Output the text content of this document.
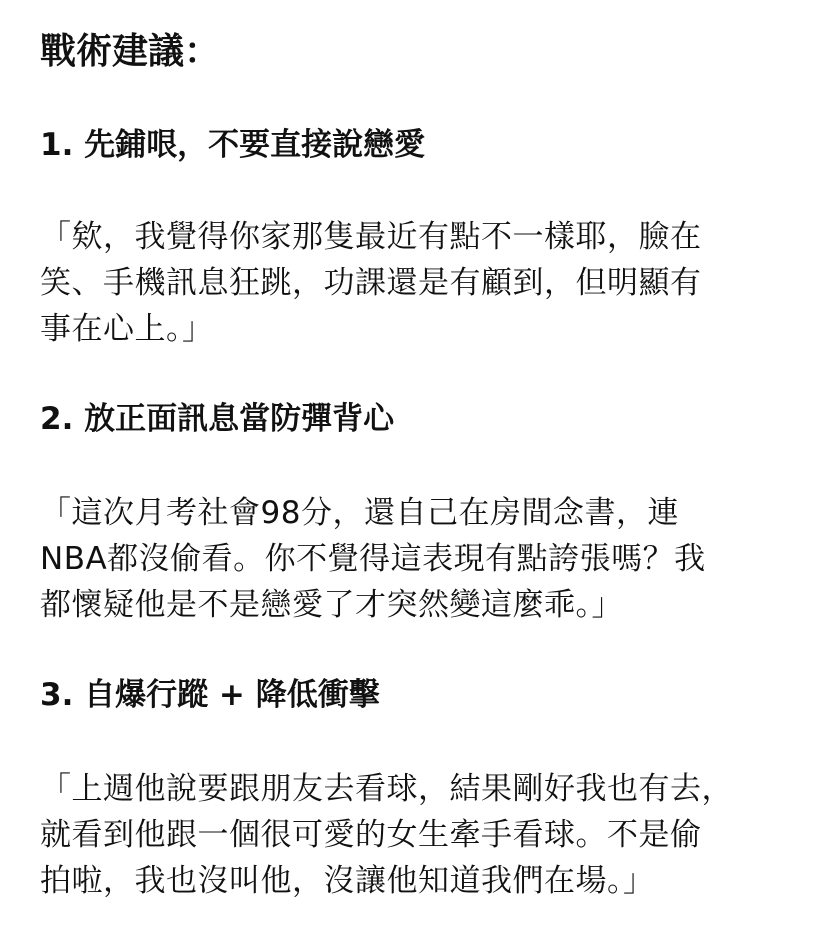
戰術建議：
1. 先鋪哏，不要直接說戀愛

「欸，我覺得你家那隻最近有點不一樣耶，臉在
笑、手機訊息狂跳，功課還是有顧到，但明顯有
事在心上。」

2. 放正面訊息當防彈背心

「這次月考社會98分，還自己在房間念書，連
NBA都沒偷看。你不覺得這表現有點誇張嗎？我
都懷疑他是不是戀愛了才突然變這麼乖。」

3. 自爆行蹤 + 降低衝擊

「上週他說要跟朋友去看球，結果剛好我也有去，
就看到他跟一個很可愛的女生牽手看球。不是偷
拍啦，我也沒叫他，沒讓他知道我們在場。」
